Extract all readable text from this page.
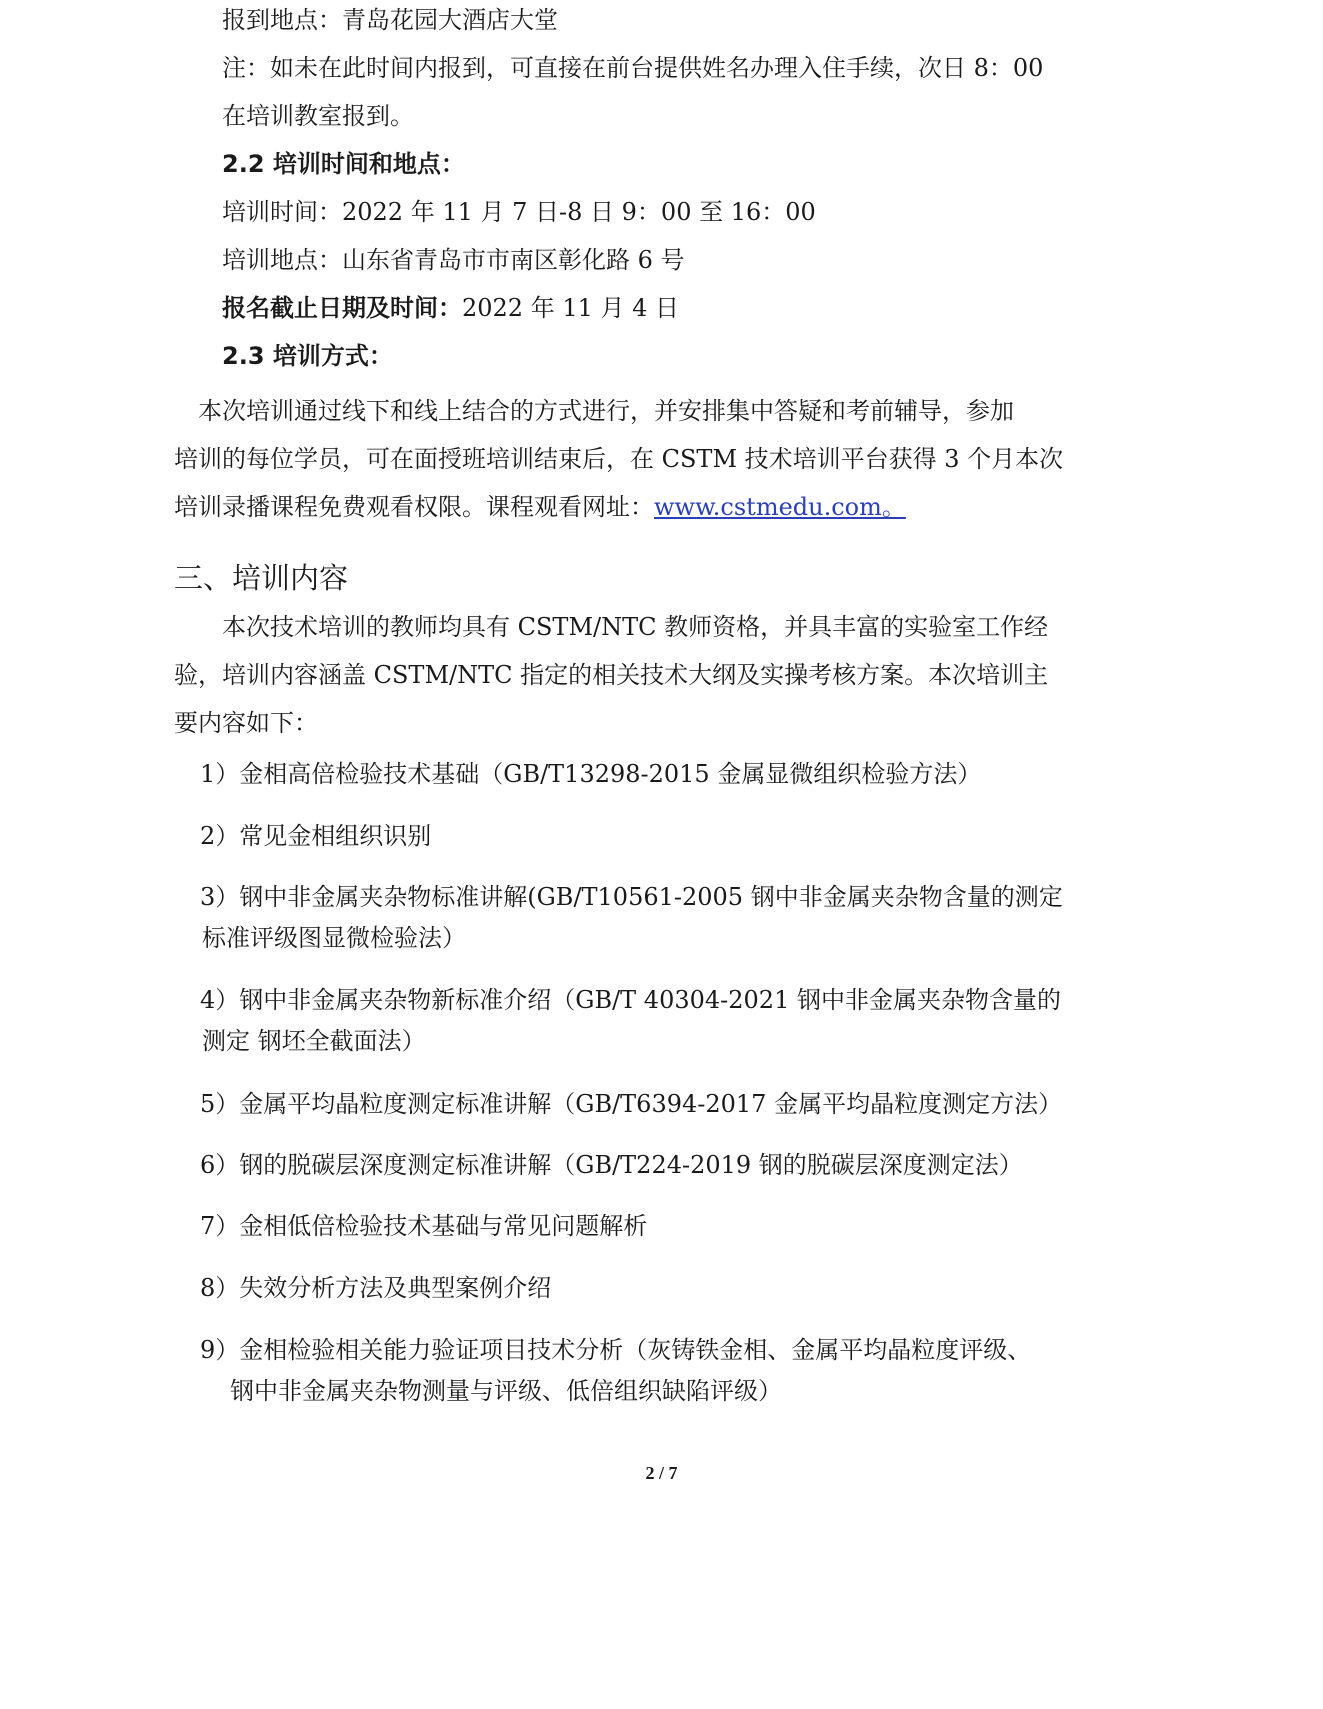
报到地点：青岛花园大酒店大堂
注：如未在此时间内报到，可直接在前台提供姓名办理入住手续，次日 8：00
在培训教室报到。
2.2 培训时间和地点：
培训时间：2022 年 11 月 7 日-8 日 9：00 至 16：00
培训地点：山东省青岛市市南区彰化路 6 号
报名截止日期及时间：2022 年 11 月 4 日
2.3 培训方式：
本次培训通过线下和线上结合的方式进行，并安排集中答疑和考前辅导，参加
培训的每位学员，可在面授班培训结束后，在 CSTM 技术培训平台获得 3 个月本次
培训录播课程免费观看权限。课程观看网址：www.cstmedu.com。
三、培训内容
本次技术培训的教师均具有 CSTM/NTC 教师资格，并具丰富的实验室工作经
验，培训内容涵盖 CSTM/NTC 指定的相关技术大纲及实操考核方案。本次培训主
要内容如下：
1）金相高倍检验技术基础（GB/T13298-2015 金属显微组织检验方法）
2）常见金相组织识别
3）钢中非金属夹杂物标准讲解(GB/T10561-2005 钢中非金属夹杂物含量的测定
标准评级图显微检验法）
4）钢中非金属夹杂物新标准介绍（GB/T 40304-2021 钢中非金属夹杂物含量的
测定 钢坯全截面法）
5）金属平均晶粒度测定标准讲解（GB/T6394-2017 金属平均晶粒度测定方法）
6）钢的脱碳层深度测定标准讲解（GB/T224-2019 钢的脱碳层深度测定法）
7）金相低倍检验技术基础与常见问题解析
8）失效分析方法及典型案例介绍
9）金相检验相关能力验证项目技术分析（灰铸铁金相、金属平均晶粒度评级、
钢中非金属夹杂物测量与评级、低倍组织缺陷评级）
2 / 7
